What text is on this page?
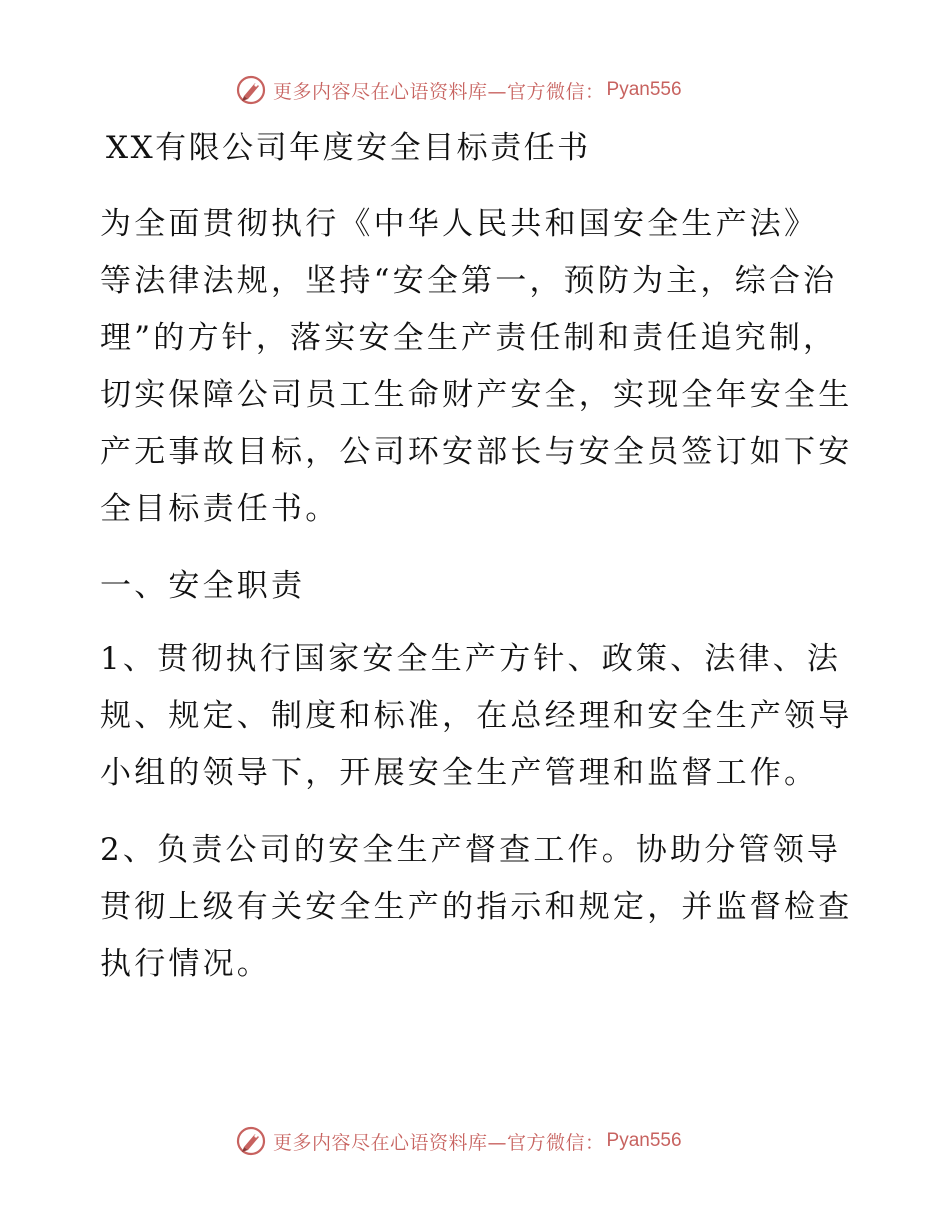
更多内容尽在心语资料库—官方微信： Pyan556
XX有限公司年度安全目标责任书

为全面贯彻执行《中华人民共和国安全生产法》
等法律法规，坚持“安全第一，预防为主，综合治
理”的方针，落实安全生产责任制和责任追究制，
切实保障公司员工生命财产安全，实现全年安全生
产无事故目标，公司环安部长与安全员签订如下安
全目标责任书。

一、安全职责

1、贯彻执行国家安全生产方针、政策、法律、法
规、规定、制度和标准，在总经理和安全生产领导
小组的领导下，开展安全生产管理和监督工作。

2、负责公司的安全生产督查工作。协助分管领导
贯彻上级有关安全生产的指示和规定，并监督检查
执行情况。

更多内容尽在心语资料库—官方微信： Pyan556
